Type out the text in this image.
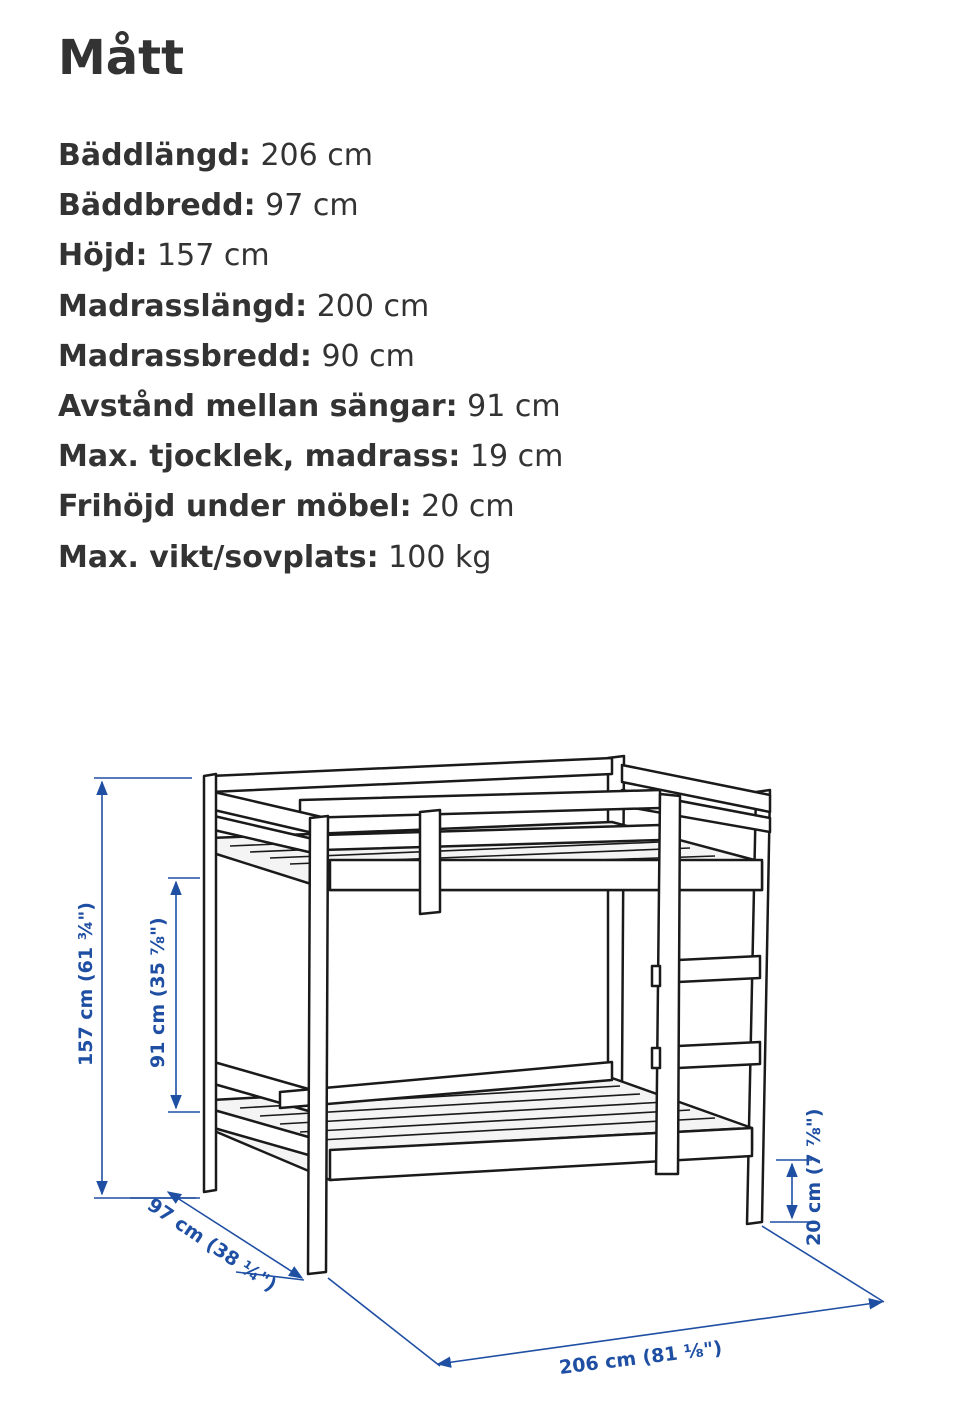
Mått
Bäddlängd: 206 cm
Bäddbredd: 97 cm
Höjd: 157 cm
Madrasslängd: 200 cm
Madrassbredd: 90 cm
Avstånd mellan sängar: 91 cm
Max. tjocklek, madrass: 19 cm
Frihöjd under möbel: 20 cm
Max. vikt/sovplats: 100 kg
157 cm (61 ¾")	91 cm (35 ⅞")
97 cm (38 ¼")
206 cm (81 ⅛")
20 cm (7 ⅞")
